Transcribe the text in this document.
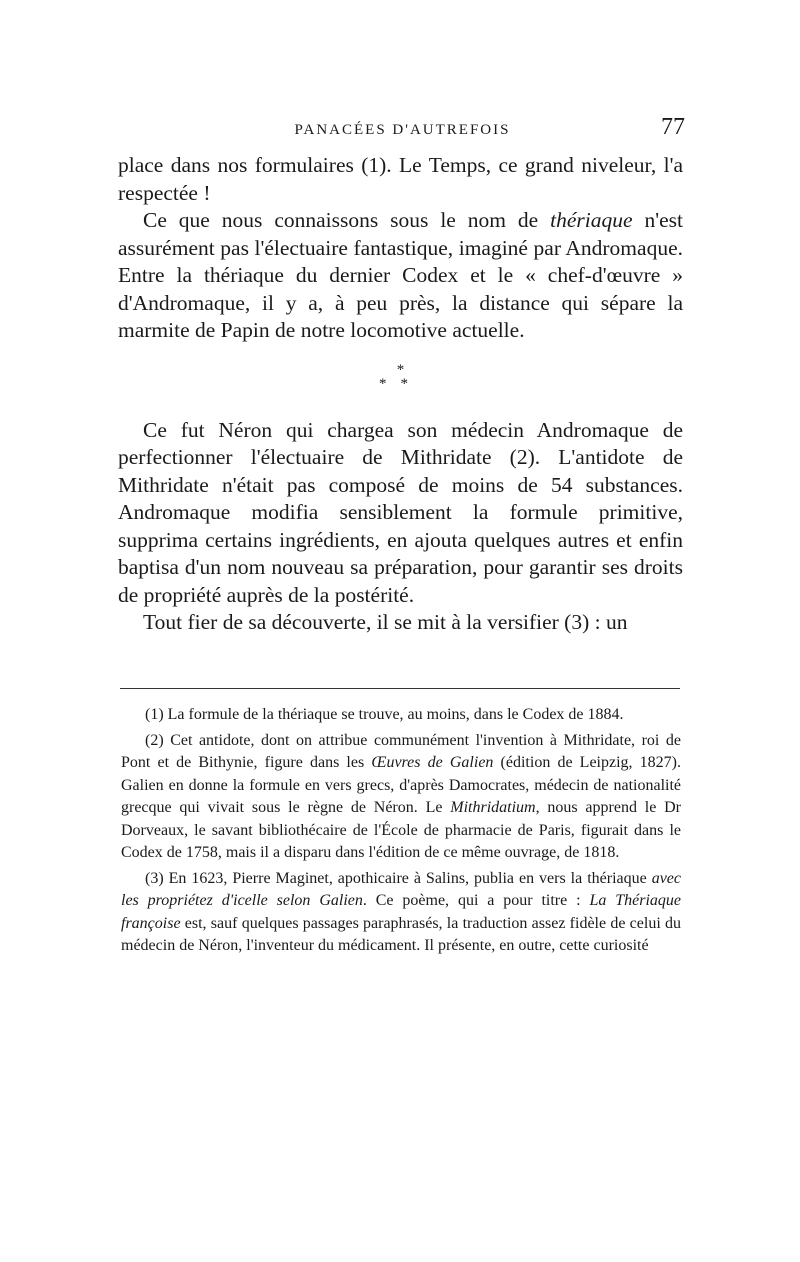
PANACÉES D'AUTREFOIS	77

place dans nos formulaires (1). Le Temps, ce grand niveleur, l'a respectée !

Ce que nous connaissons sous le nom de thériaque n'est assurément pas l'électuaire fantastique, imaginé par Andromaque. Entre la thériaque du dernier Codex et le « chef-d'œuvre » d'Andromaque, il y a, à peu près, la distance qui sépare la marmite de Papin de notre locomotive actuelle.

*
**

Ce fut Néron qui chargea son médecin Andromaque de perfectionner l'électuaire de Mithridate (2). L'antidote de Mithridate n'était pas composé de moins de 54 substances. Andromaque modifia sensiblement la formule primitive, supprima certains ingrédients, en ajouta quelques autres et enfin baptisa d'un nom nouveau sa préparation, pour garantir ses droits de propriété auprès de la postérité.

Tout fier de sa découverte, il se mit à la versifier (3) : un

(1) La formule de la thériaque se trouve, au moins, dans le Codex de 1884.

(2) Cet antidote, dont on attribue communément l'invention à Mithridate, roi de Pont et de Bithynie, figure dans les Œuvres de Galien (édition de Leipzig, 1827). Galien en donne la formule en vers grecs, d'après Damocrates, médecin de nationalité grecque qui vivait sous le règne de Néron. Le Mithridatium, nous apprend le Dr Dorveaux, le savant bibliothécaire de l'École de pharmacie de Paris, figurait dans le Codex de 1758, mais il a disparu dans l'édition de ce même ouvrage, de 1818.

(3) En 1623, Pierre Maginet, apothicaire à Salins, publia en vers la thériaque avec les propriétez d'icelle selon Galien. Ce poème, qui a pour titre : La Thériaque françoise est, sauf quelques passages paraphrasés, la traduction assez fidèle de celui du médecin de Néron, l'inventeur du médicament. Il présente, en outre, cette curiosité
